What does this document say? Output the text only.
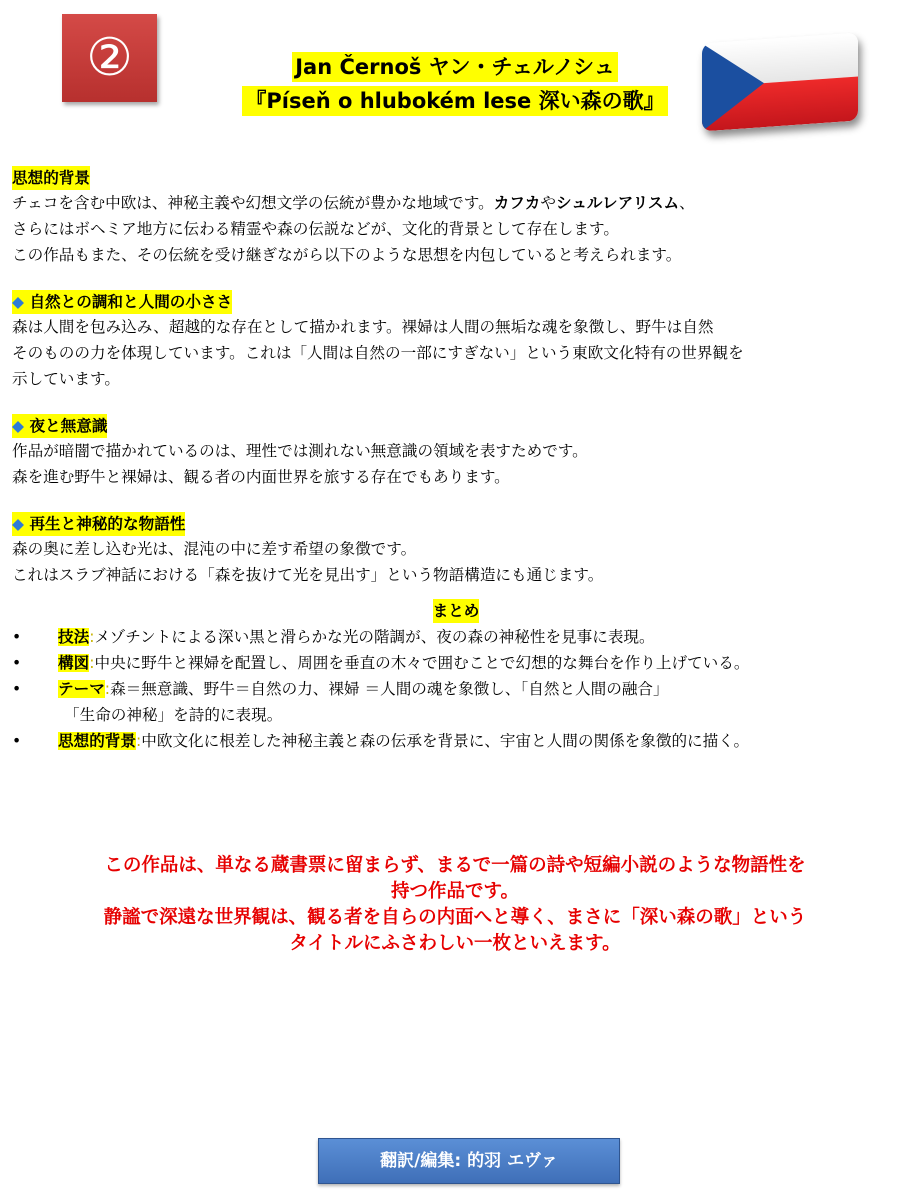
②	Jan Černoš ヤン・チェルノシュ
『Píseň o hlubokém lese 深い森の歌』
思想的背景
チェコを含む中欧は、神秘主義や幻想文学の伝統が豊かな地域です。カフカやシュルレアリスム、
さらにはボヘミア地方に伝わる精霊や森の伝説などが、文化的背景として存在します。
この作品もまた、その伝統を受け継ぎながら以下のような思想を内包していると考えられます。
◆ 自然との調和と人間の小ささ
森は人間を包み込み、超越的な存在として描かれます。裸婦は人間の無垢な魂を象徴し、野牛は自然
そのものの力を体現しています。これは「人間は自然の一部にすぎない」という東欧文化特有の世界観を
示しています。
◆ 夜と無意識
作品が暗闇で描かれているのは、理性では測れない無意識の領域を表すためです。
森を進む野牛と裸婦は、観る者の内面世界を旅する存在でもあります。
◆ 再生と神秘的な物語性
森の奥に差し込む光は、混沌の中に差す希望の象徴です。
これはスラブ神話における「森を抜けて光を見出す」という物語構造にも通じます。
まとめ
• 技法:メゾチントによる深い黒と滑らかな光の階調が、夜の森の神秘性を見事に表現。
• 構図:中央に野牛と裸婦を配置し、周囲を垂直の木々で囲むことで幻想的な舞台を作り上げている。
• テーマ:森＝無意識、野牛＝自然の力、裸婦 ＝人間の魂を象徴し、「自然と人間の融合」
「生命の神秘」を詩的に表現。
• 思想的背景:中欧文化に根差した神秘主義と森の伝承を背景に、宇宙と人間の関係を象徴的に描く。
この作品は、単なる蔵書票に留まらず、まるで一篇の詩や短編小説のような物語性を
持つ作品です。
静謐で深遠な世界観は、観る者を自らの内面へと導く、まさに「深い森の歌」という
タイトルにふさわしい一枚といえます。
翻訳/編集: 的羽 エヴァ
